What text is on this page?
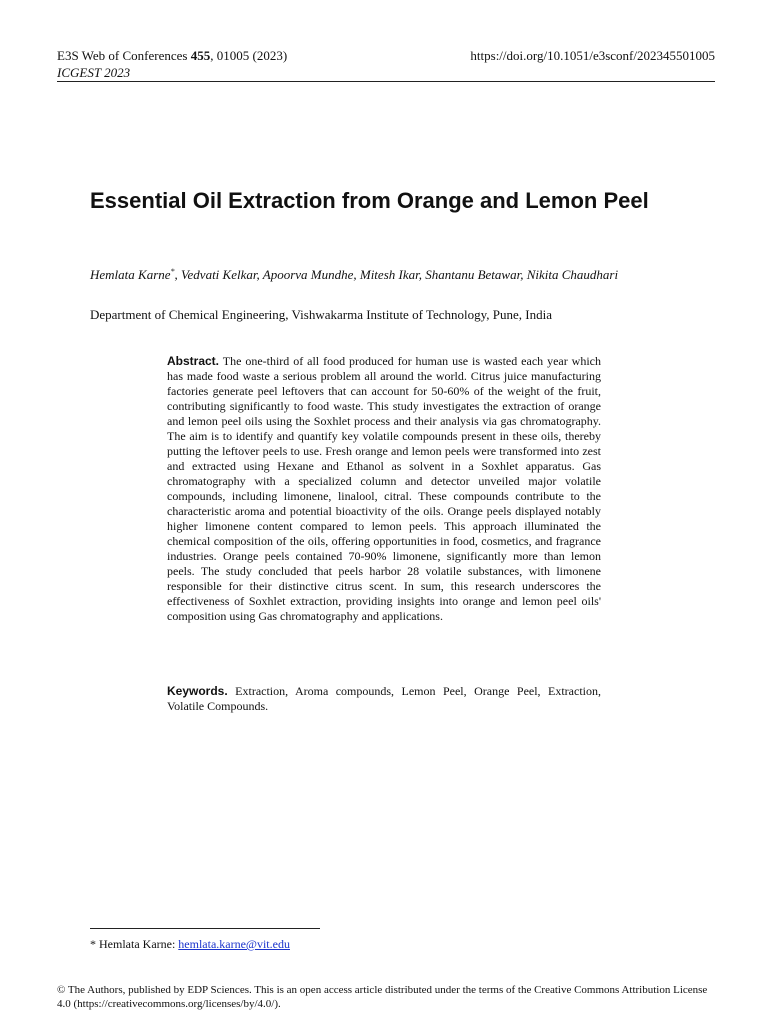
E3S Web of Conferences 455, 01005 (2023)
ICGEST 2023
https://doi.org/10.1051/e3sconf/202345501005
Essential Oil Extraction from Orange and Lemon Peel
Hemlata Karne*, Vedvati Kelkar, Apoorva Mundhe, Mitesh Ikar, Shantanu Betawar, Nikita Chaudhari
Department of Chemical Engineering, Vishwakarma Institute of Technology, Pune, India
Abstract. The one-third of all food produced for human use is wasted each year which has made food waste a serious problem all around the world. Citrus juice manufacturing factories generate peel leftovers that can account for 50-60% of the weight of the fruit, contributing significantly to food waste. This study investigates the extraction of orange and lemon peel oils using the Soxhlet process and their analysis via gas chromatography. The aim is to identify and quantify key volatile compounds present in these oils, thereby putting the leftover peels to use. Fresh orange and lemon peels were transformed into zest and extracted using Hexane and Ethanol as solvent in a Soxhlet apparatus. Gas chromatography with a specialized column and detector unveiled major volatile compounds, including limonene, linalool, citral. These compounds contribute to the characteristic aroma and potential bioactivity of the oils. Orange peels displayed notably higher limonene content compared to lemon peels. This approach illuminated the chemical composition of the oils, offering opportunities in food, cosmetics, and fragrance industries. Orange peels contained 70-90% limonene, significantly more than lemon peels. The study concluded that peels harbor 28 volatile substances, with limonene responsible for their distinctive citrus scent. In sum, this research underscores the effectiveness of Soxhlet extraction, providing insights into orange and lemon peel oils' composition using Gas chromatography and applications.
Keywords. Extraction, Aroma compounds, Lemon Peel, Orange Peel, Extraction, Volatile Compounds.
* Hemlata Karne: hemlata.karne@vit.edu
© The Authors, published by EDP Sciences. This is an open access article distributed under the terms of the Creative Commons Attribution License 4.0 (https://creativecommons.org/licenses/by/4.0/).
